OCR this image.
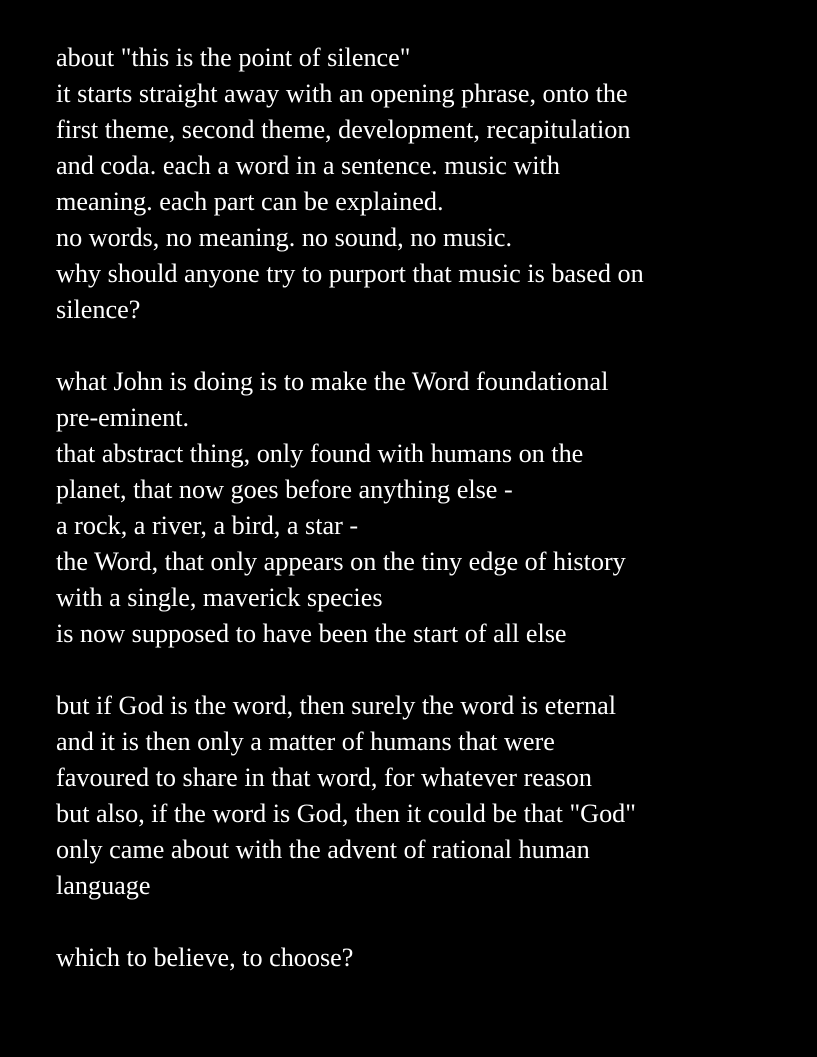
about "this is the point of silence"
it starts straight away with an opening phrase, onto the
first theme, second theme, development, recapitulation
and coda. each a word in a sentence. music with
meaning. each part can be explained.
no words, no meaning. no sound, no music.
why should anyone try to purport that music is based on
silence?
what John is doing is to make the Word foundational
pre-eminent.
that abstract thing, only found with humans on the
planet, that now goes before anything else -
a rock, a river, a bird, a star -
the Word, that only appears on the tiny edge of history
with a single, maverick species
is now supposed to have been the start of all else
but if God is the word, then surely the word is eternal
and it is then only a matter of humans that were
favoured to share in that word, for whatever reason
but also, if the word is God, then it could be that "God"
only came about with the advent of rational human
language
which to believe, to choose?
